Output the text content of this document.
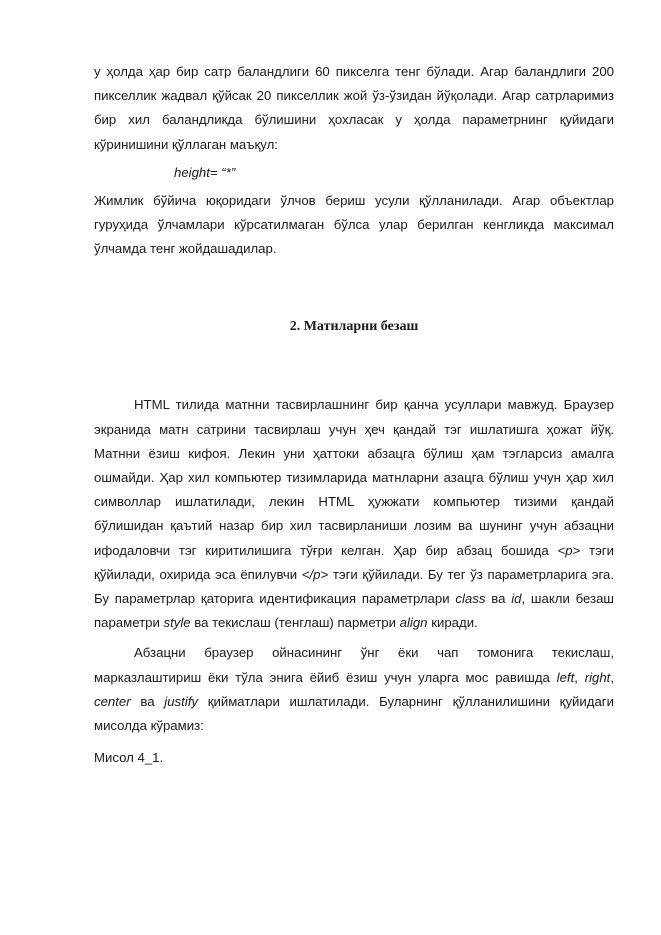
у ҳолда ҳар бир сатр баландлиги 60 пикселга тенг бўлади. Агар баландлиги 200 пикселлик жадвал қўйсак 20 пикселлик жой ўз-ўзидан йўқолади. Агар сатрларимиз бир хил баландликда бўлишини ҳохласак у ҳолда параметрнинг қуйидаги кўринишини қўллаган маъқул:

height= “*”

Жимлик бўйича юқоридаги ўлчов бериш усули қўлланилади. Агар объектлар гуруҳида ўлчамлари кўрсатилмаган бўлса улар берилган кенгликда максимал ўлчамда тенг жойдашадилар.

2. Матнларни безаш

HTML тилида матнни тасвирлашнинг бир қанча усуллари мавжуд. Браузер экранида матн сатрини тасвирлаш учун ҳеч қандай тэг ишлатишга ҳожат йўқ. Матнни ёзиш кифоя. Лекин уни ҳаттоки абзацга бўлиш ҳам тэгларсиз амалга ошмайди. Ҳар хил компьютер тизимларида матнларни азацга бўлиш учун ҳар хил символлар ишлатилади, лекин HTML ҳужжати компьютер тизими қандай бўлишидан қаътий назар бир хил тасвирланиши лозим ва шунинг учун абзацни ифодаловчи тэг киритилишига тўғри келган. Ҳар бир абзац бошида <p> тэги қўйилади, охирида эса ёпилувчи </p> тэги қўйилади. Бу тег ўз параметрларига эга. Бу параметрлар қаторига идентификация параметрлари class ва id, шакли безаш параметри style ва текислаш (тенглаш) парметри align киради.

Абзацни браузер ойнасининг ўнг ёки чап томонига текислаш, марказлаштириш ёки тўла энига ёйиб ёзиш учун уларга мос равишда left, right, center ва justify қийматлари ишлатилади. Буларнинг қўлланилишини қуйидаги мисолда кўрамиз:

Мисол 4_1.
